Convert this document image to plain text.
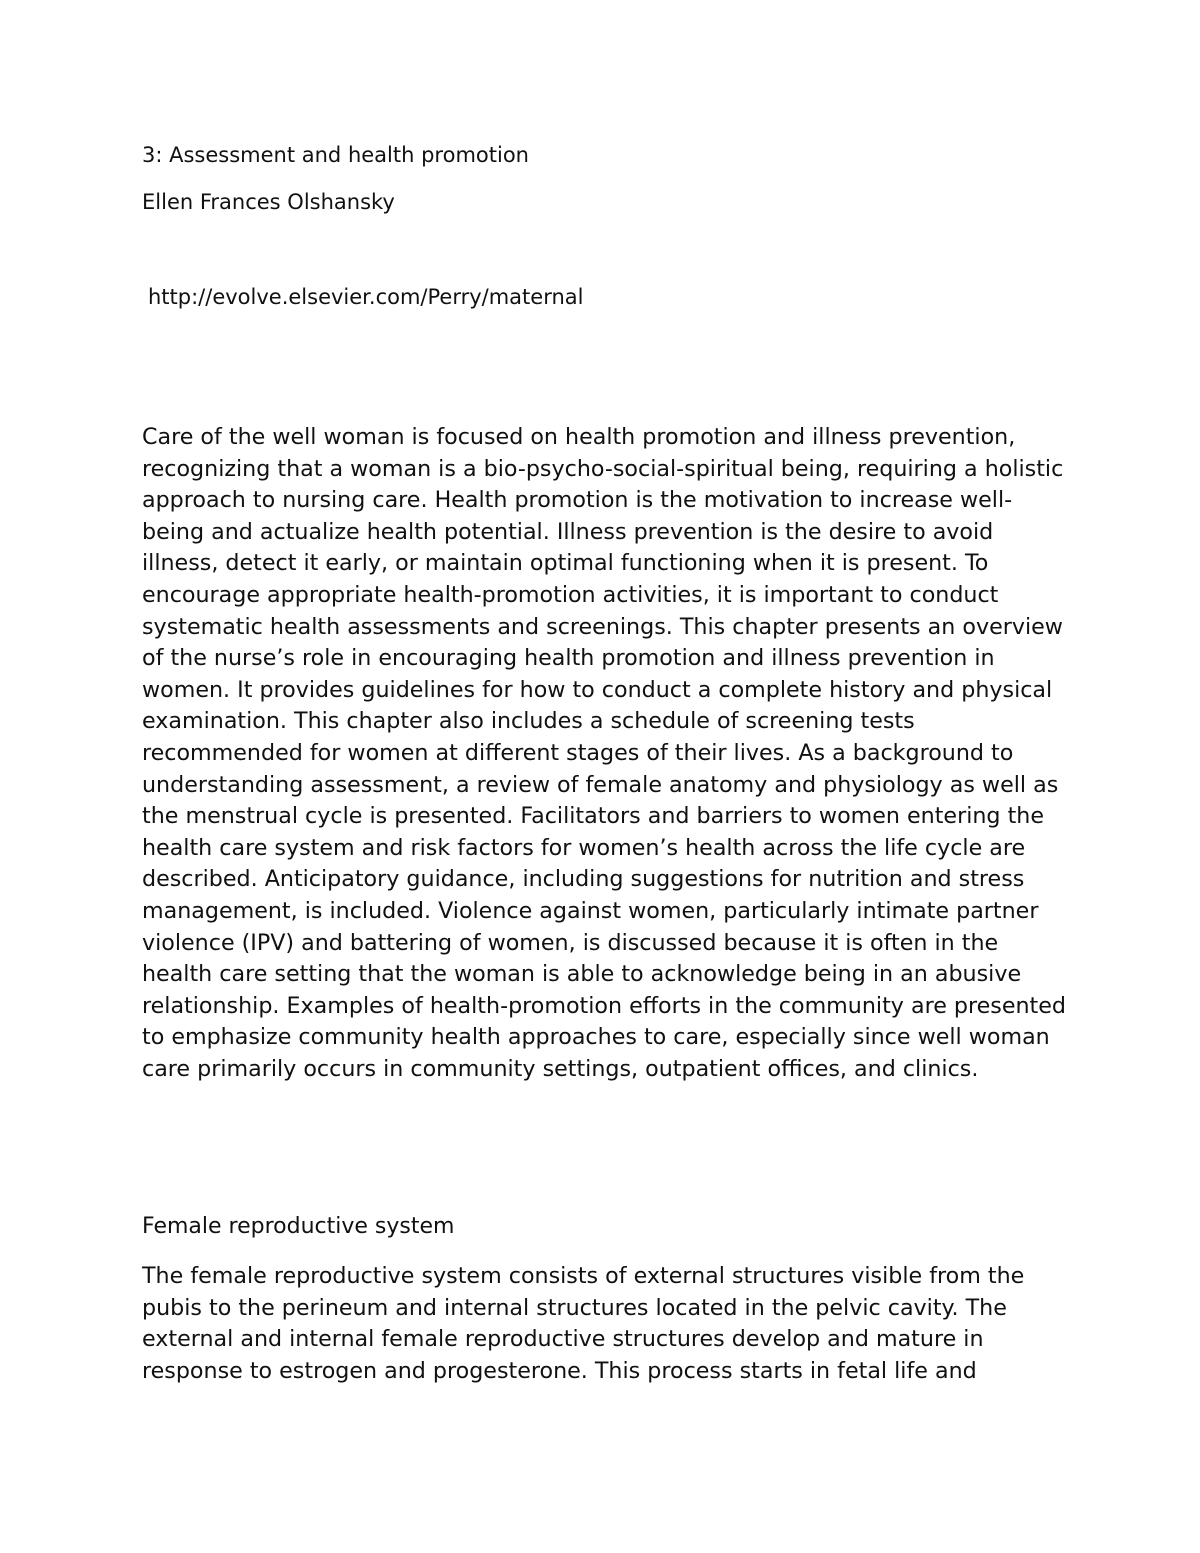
3: Assessment and health promotion
Ellen Frances Olshansky
http://evolve.elsevier.com/Perry/maternal

Care of the well woman is focused on health promotion and illness prevention, recognizing that a woman is a bio-psycho-social-spiritual being, requiring a holistic approach to nursing care. Health promotion is the motivation to increase well-being and actualize health potential. Illness prevention is the desire to avoid illness, detect it early, or maintain optimal functioning when it is present. To encourage appropriate health-promotion activities, it is important to conduct systematic health assessments and screenings. This chapter presents an overview of the nurse’s role in encouraging health promotion and illness prevention in women. It provides guidelines for how to conduct a complete history and physical examination. This chapter also includes a schedule of screening tests recommended for women at different stages of their lives. As a background to understanding assessment, a review of female anatomy and physiology as well as the menstrual cycle is presented. Facilitators and barriers to women entering the health care system and risk factors for women’s health across the life cycle are described. Anticipatory guidance, including suggestions for nutrition and stress management, is included. Violence against women, particularly intimate partner violence (IPV) and battering of women, is discussed because it is often in the health care setting that the woman is able to acknowledge being in an abusive relationship. Examples of health-promotion efforts in the community are presented to emphasize community health approaches to care, especially since well woman care primarily occurs in community settings, outpatient offices, and clinics.

Female reproductive system

The female reproductive system consists of external structures visible from the pubis to the perineum and internal structures located in the pelvic cavity. The external and internal female reproductive structures develop and mature in response to estrogen and progesterone. This process starts in fetal life and
